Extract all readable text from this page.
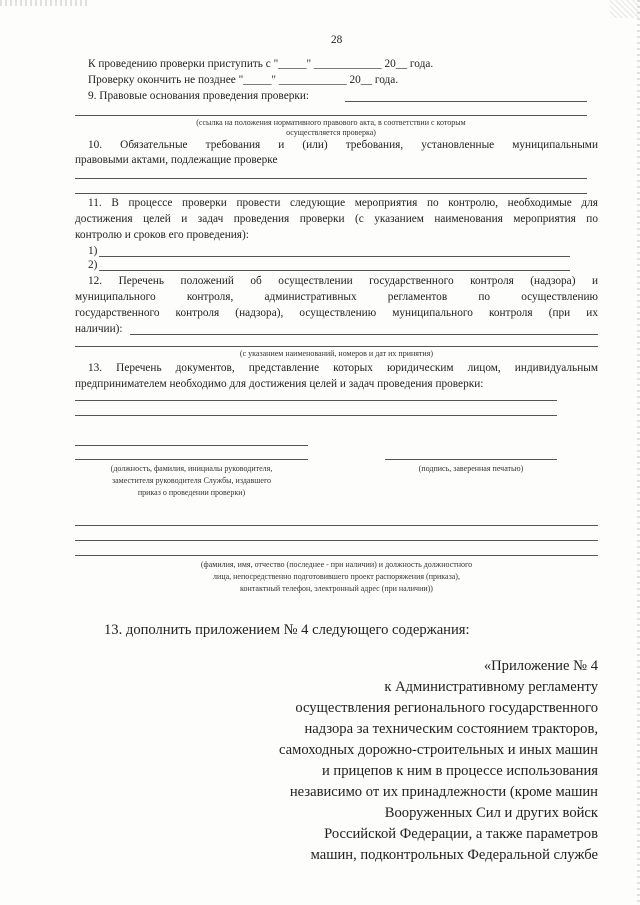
28
К проведению проверки приступить с "_____" ____________ 20__ года.
Проверку окончить не позднее "_____" ____________ 20__ года.
9. Правовые основания проведения проверки:
(ссылка на положения нормативного правового акта, в соответствии с которым
осуществляется проверка)
10. Обязательные требования и (или) требования, установленные муниципальными
правовыми актами, подлежащие проверке
11. В процессе проверки провести следующие мероприятия по контролю, необходимые для
достижения целей и задач проведения проверки (с указанием наименования мероприятия по
контролю и сроков его проведения):
1)
2)
12. Перечень положений об осуществлении государственного контроля (надзора) и
муниципального контроля, административных регламентов по осуществлению
государственного контроля (надзора), осуществлению муниципального контроля (при их
наличии):
(с указанием наименований, номеров и дат их принятия)
13. Перечень документов, представление которых юридическим лицом, индивидуальным
предпринимателем необходимо для достижения целей и задач проведения проверки:
(должность, фамилия, инициалы руководителя,
заместителя руководителя Службы, издавшего
приказ о проведении проверки)
(подпись, заверенная печатью)
(фамилия, имя, отчество (последнее - при наличии) и должность должностного
лица, непосредственно подготовившего проект распоряжения (приказа),
контактный телефон, электронный адрес (при наличии))
13. дополнить приложением № 4 следующего содержания:
«Приложение № 4
к Административному регламенту
осуществления регионального государственного
надзора за техническим состоянием тракторов,
самоходных дорожно-строительных и иных машин
и прицепов к ним в процессе использования
независимо от их принадлежности (кроме машин
Вооруженных Сил и других войск
Российской Федерации, а также параметров
машин, подконтрольных Федеральной службе
